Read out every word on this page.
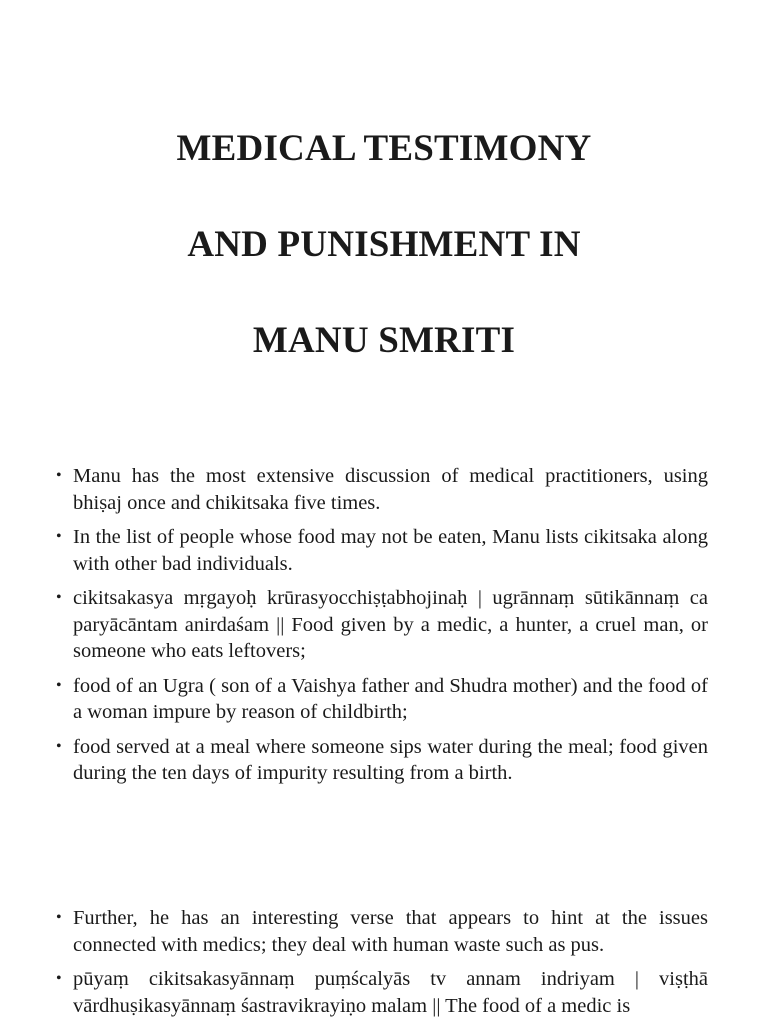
MEDICAL TESTIMONY
AND PUNISHMENT IN
MANU SMRITI
• Manu has the most extensive discussion of medical practitioners, using bhiṣaj once and chikitsaka five times.
• In the list of people whose food may not be eaten, Manu lists cikitsaka along with other bad individuals.
• cikitsakasya mṛgayoḥ krūrasyocchiṣṭabhojinaḥ | ugrānnaṃ sūtikānnaṃ ca paryācāntam anirdaśam || Food given by a medic, a hunter, a cruel man, or someone who eats leftovers;
• food of an Ugra ( son of a Vaishya father and Shudra mother) and the food of a woman impure by reason of childbirth;
• food served at a meal where someone sips water during the meal; food given during the ten days of impurity resulting from a birth.
• Further, he has an interesting verse that appears to hint at the issues connected with medics; they deal with human waste such as pus.
• pūyaṃ cikitsakasyānnaṃ puṃścalyās tv annam indriyam | viṣṭhā vārdhuṣikasyānnaṃ śastravikrayiṇo malam || The food of a medic is
